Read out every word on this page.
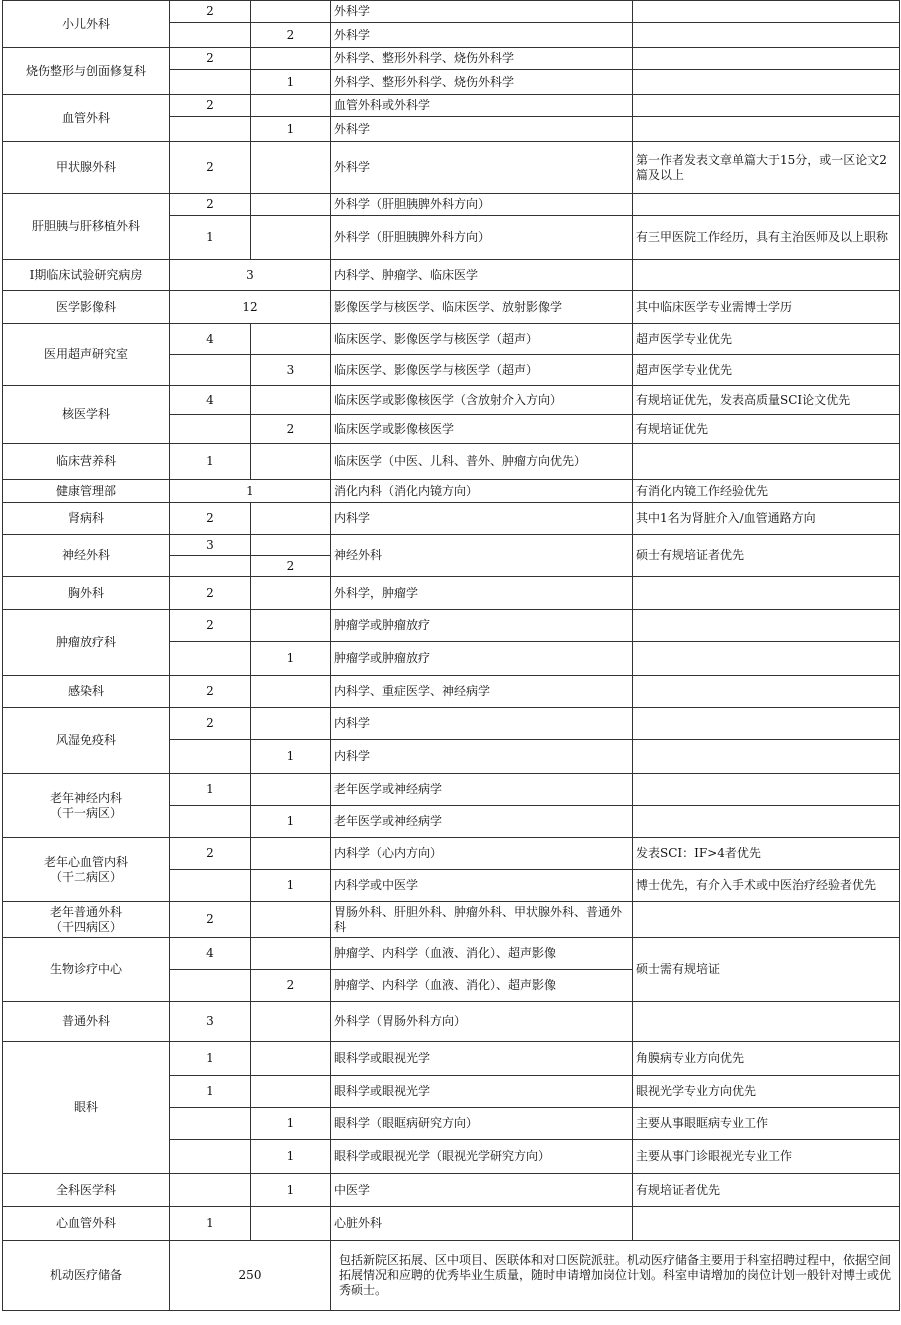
小儿外科	2		外科学	
		2	外科学	
烧伤整形与创面修复科	2		外科学、整形外科学、烧伤外科学	
		1	外科学、整形外科学、烧伤外科学	
血管外科	2		血管外科或外科学	
		1	外科学	
甲状腺外科	2		外科学	第一作者发表文章单篇大于15分，或一区论文2篇及以上
肝胆胰与肝移植外科	2		外科学（肝胆胰脾外科方向）	
	1		外科学（肝胆胰脾外科方向）	有三甲医院工作经历，具有主治医师及以上职称
Ⅰ期临床试验研究病房	3		内科学、肿瘤学、临床医学	
医学影像科	12		影像医学与核医学、临床医学、放射影像学	其中临床医学专业需博士学历
医用超声研究室	4		临床医学、影像医学与核医学（超声）	超声医学专业优先
		3	临床医学、影像医学与核医学（超声）	超声医学专业优先
核医学科	4		临床医学或影像核医学（含放射介入方向）	有规培证优先，发表高质量SCI论文优先
		2	临床医学或影像核医学	有规培证优先
临床营养科	1		临床医学（中医、儿科、普外、肿瘤方向优先）	
健康管理部	1		消化内科（消化内镜方向）	有消化内镜工作经验优先
肾病科	2		内科学	其中1名为肾脏介入/血管通路方向
神经外科	3		神经外科	硕士有规培证者优先
		2		
胸外科	2		外科学，肿瘤学	
肿瘤放疗科	2		肿瘤学或肿瘤放疗	
		1	肿瘤学或肿瘤放疗	
感染科	2		内科学、重症医学、神经病学	
风湿免疫科	2		内科学	
		1	内科学	
老年神经内科
（干一病区）	1		老年医学或神经病学	
		1	老年医学或神经病学	
老年心血管内科
（干二病区）	2		内科学（心内方向）	发表SCI：IF>4者优先
		1	内科学或中医学	博士优先，有介入手术或中医治疗经验者优先
老年普通外科
（干四病区）	2		胃肠外科、肝胆外科、肿瘤外科、甲状腺外科、普通外科	
生物诊疗中心	4		肿瘤学、内科学（血液、消化）、超声影像	硕士需有规培证
		2	肿瘤学、内科学（血液、消化）、超声影像	
普通外科	3		外科学（胃肠外科方向）	
眼科	1		眼科学或眼视光学	角膜病专业方向优先
	1		眼科学或眼视光学	眼视光学专业方向优先
		1	眼科学（眼眶病研究方向）	主要从事眼眶病专业工作
		1	眼科学或眼视光学（眼视光学研究方向）	主要从事门诊眼视光专业工作
全科医学科		1	中医学	有规培证者优先
心血管外科	1		心脏外科	
机动医疗储备	250		包括新院区拓展、区中项目、医联体和对口医院派驻。机动医疗储备主要用于科室招聘过程中，依据空间拓展情况和应聘的优秀毕业生质量，随时申请增加岗位计划。科室申请增加的岗位计划一般针对博士或优秀硕士。	
